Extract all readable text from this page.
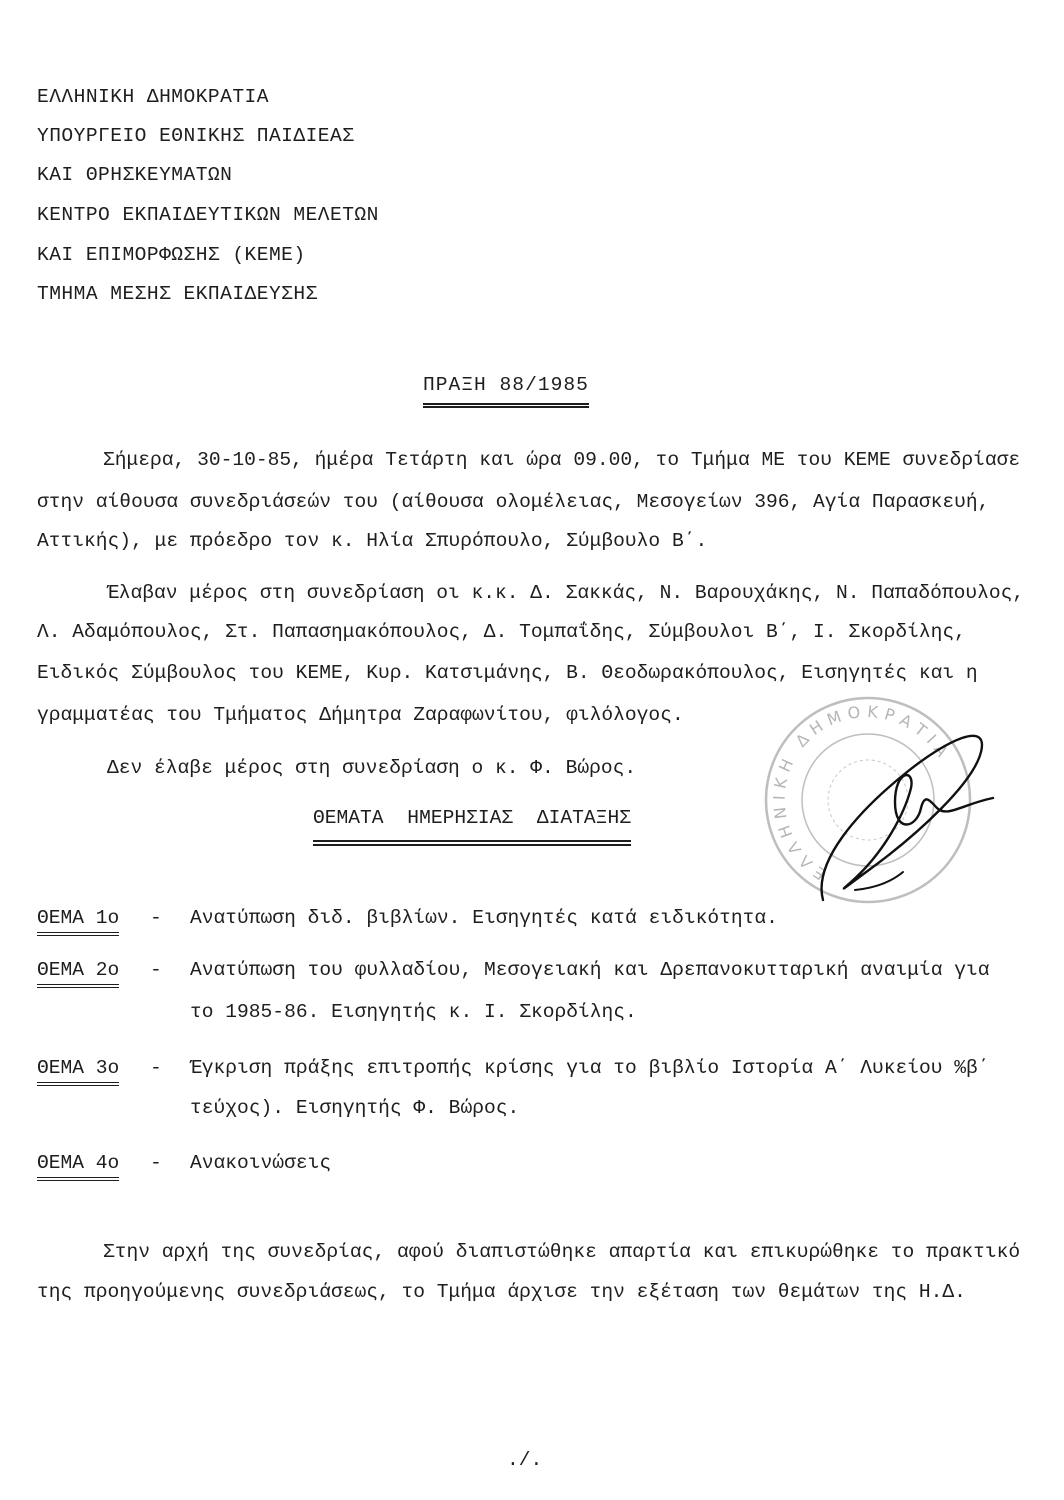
ΕΛΛΗΝΙΚΗ ΔΗΜΟΚΡΑΤΙΑ
ΥΠΟΥΡΓΕΙΟ ΕΘΝΙΚΗΣ ΠΑΙΔΙΕΑΣ
ΚΑΙ ΘΡΗΣΚΕΥΜΑΤΩΝ
ΚΕΝΤΡΟ ΕΚΠΑΙΔΕΥΤΙΚΩΝ ΜΕΛΕΤΩΝ
ΚΑΙ ΕΠΙΜΟΡΦΩΣΗΣ (ΚΕΜΕ)
ΤΜΗΜΑ ΜΕΣΗΣ ΕΚΠΑΙΔΕΥΣΗΣ
ΠΡΑΞΗ 88/1985
Σήμερα, 30-10-85, ήμέρα Τετάρτη και ώρα 09.00, το Τμήμα ΜΕ του ΚΕΜΕ συνεδρίασε
στην αίθουσα συνεδριάσεών του (αίθουσα ολομέλειας, Μεσογείων 396, Αγία Παρασκευή,
Αττικής), με πρόεδρο τον κ. Ηλία Σπυρόπουλο, Σύμβουλο Β΄.
Έλαβαν μέρος στη συνεδρίαση οι κ.κ. Δ. Σακκάς, Ν. Βαρουχάκης, Ν. Παπαδόπουλος,
Λ. Αδαμόπουλος, Στ. Παπασημακόπουλος, Δ. Τομπαΐδης, Σύμβουλοι Β΄, Ι. Σκορδίλης,
Ειδικός Σύμβουλος του ΚΕΜΕ, Κυρ. Κατσιμάνης, Β. Θεοδωρακόπουλος, Εισηγητές και η
γραμματέας του Τμήματος Δήμητρα Ζαραφωνίτου, φιλόλογος.
Δεν έλαβε μέρος στη συνεδρίαση ο κ. Φ. Βώρος.
ΘΕΜΑΤΑ ΗΜΕΡΗΣΙΑΣ ΔΙΑΤΑΞΗΣ
ΘΕΜΑ 1ο - Ανατύπωση διδ. βιβλίων. Εισηγητές κατά ειδικότητα.
ΘΕΜΑ 2ο - Ανατύπωση του φυλλαδίου, Μεσογειακή και Δρεπανοκυτταρική αναιμία για
το 1985-86. Εισηγητής κ. Ι. Σκορδίλης.
ΘΕΜΑ 3ο - Έγκριση πράξης επιτροπής κρίσης για το βιβλίο Ιστορία Α΄ Λυκείου %β΄
τεύχος). Εισηγητής Φ. Βώρος.
ΘΕΜΑ 4ο - Ανακοινώσεις
Στην αρχή της συνεδρίας, αφού διαπιστώθηκε απαρτία και επικυρώθηκε το πρακτικό
της προηγούμενης συνεδριάσεως, το Τμήμα άρχισε την εξέταση των θεμάτων της Η.Δ.
./.
ΕΛΛΗΝΙΚΗ ΔΗΜΟΚΡΑΤΙΑ
